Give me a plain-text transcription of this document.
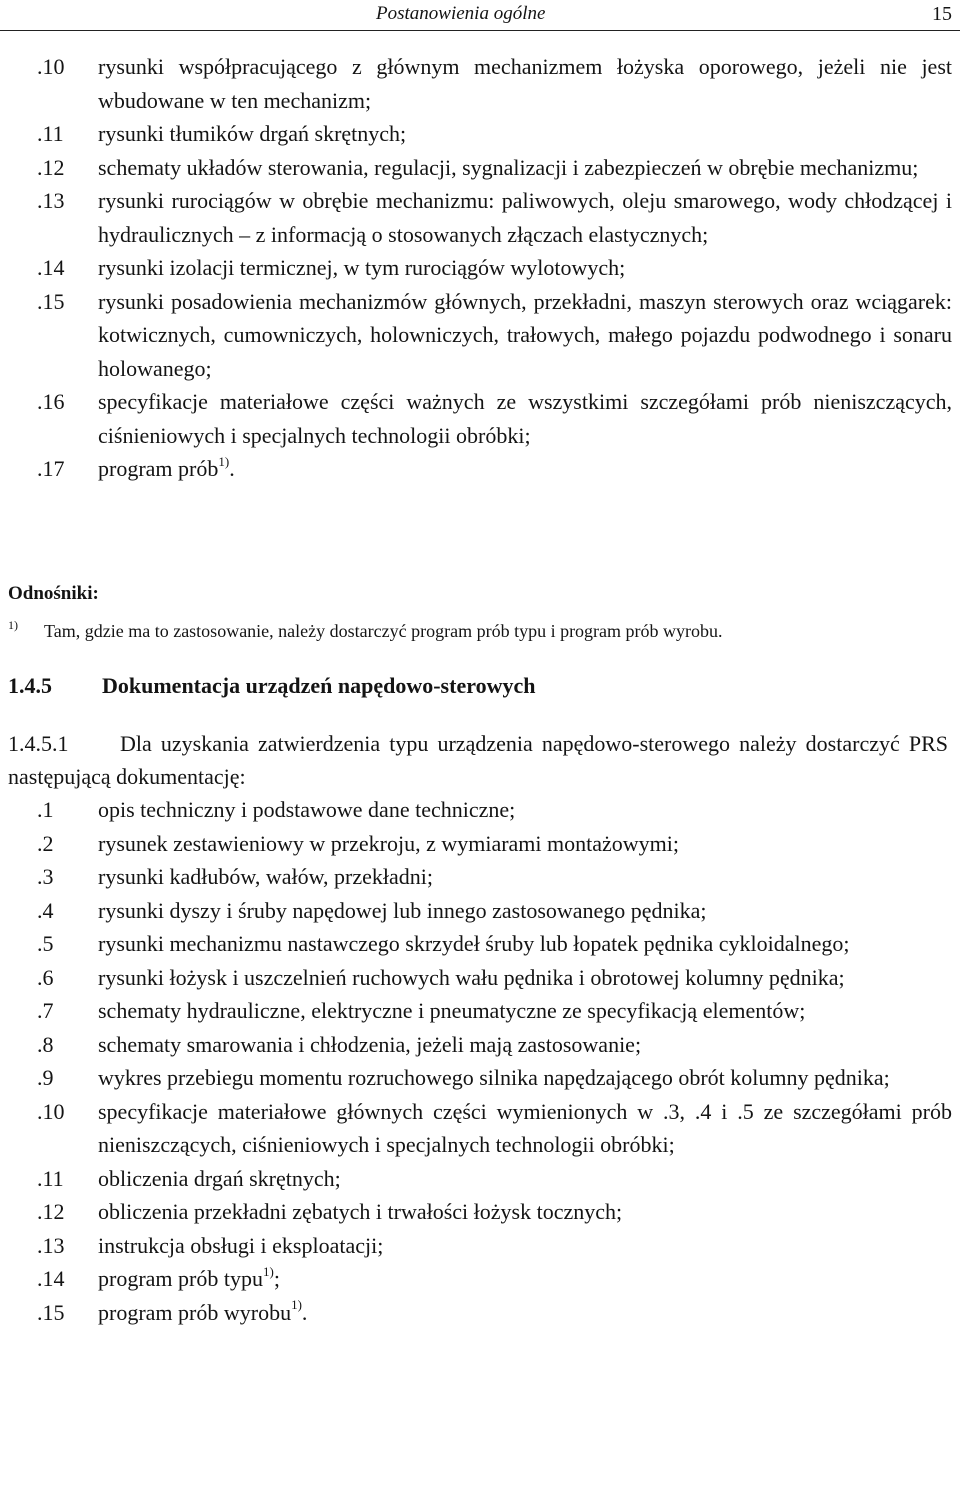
Postanowienia ogólne	15
.10 rysunki współpracującego z głównym mechanizmem łożyska oporowego, jeżeli nie jest wbudowane w ten mechanizm;
.11 rysunki tłumików drgań skrętnych;
.12 schematy układów sterowania, regulacji, sygnalizacji i zabezpieczeń w obrębie mechanizmu;
.13 rysunki rurociągów w obrębie mechanizmu: paliwowych, oleju smarowego, wody chłodzącej i hydraulicznych – z informacją o stosowanych złączach elastycznych;
.14 rysunki izolacji termicznej, w tym rurociągów wylotowych;
.15 rysunki posadowienia mechanizmów głównych, przekładni, maszyn sterowych oraz wciągarek: kotwicznych, cumowniczych, holowniczych, trałowych, małego pojazdu podwodnego i sonaru holowanego;
.16 specyfikacje materiałowe części ważnych ze wszystkimi szczegółami prób nieniszczących, ciśnieniowych i specjalnych technologii obróbki;
.17 program prób$^{1)}$.
Odnośniki:
1) Tam, gdzie ma to zastosowanie, należy dostarczyć program prób typu i program prób wyrobu.
1.4.5 Dokumentacja urządzeń napędowo-sterowych
1.4.5.1 Dla uzyskania zatwierdzenia typu urządzenia napędowo-sterowego należy dostarczyć PRS następującą dokumentację:
.1 opis techniczny i podstawowe dane techniczne;
.2 rysunek zestawieniowy w przekroju, z wymiarami montażowymi;
.3 rysunki kadłubów, wałów, przekładni;
.4 rysunki dyszy i śruby napędowej lub innego zastosowanego pędnika;
.5 rysunki mechanizmu nastawczego skrzydeł śruby lub łopatek pędnika cykloidalnego;
.6 rysunki łożysk i uszczelnień ruchowych wału pędnika i obrotowej kolumny pędnika;
.7 schematy hydrauliczne, elektryczne i pneumatyczne ze specyfikacją elementów;
.8 schematy smarowania i chłodzenia, jeżeli mają zastosowanie;
.9 wykres przebiegu momentu rozruchowego silnika napędzającego obrót kolumny pędnika;
.10 specyfikacje materiałowe głównych części wymienionych w .3, .4 i .5 ze szczegółami prób nieniszczących, ciśnieniowych i specjalnych technologii obróbki;
.11 obliczenia drgań skrętnych;
.12 obliczenia przekładni zębatych i trwałości łożysk tocznych;
.13 instrukcja obsługi i eksploatacji;
.14 program prób typu$^{1)}$;
.15 program prób wyrobu$^{1)}$.
